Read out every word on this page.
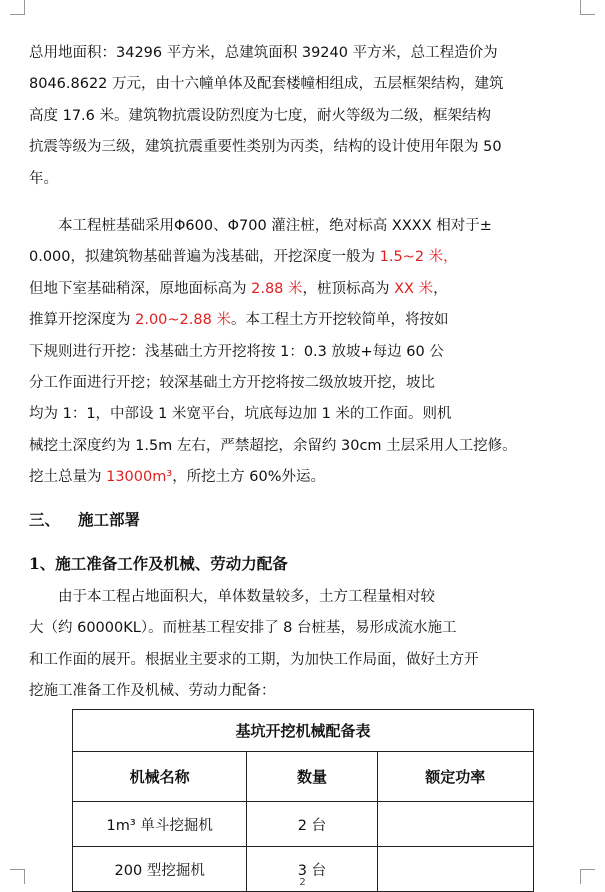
总用地面积：34296 平方米，总建筑面积 39240 平方米，总工程造价为
8046.8622 万元，由十六幢单体及配套楼幢相组成，五层框架结构，建筑
高度 17.6 米。建筑物抗震设防烈度为七度，耐火等级为二级，框架结构
抗震等级为三级，建筑抗震重要性类别为丙类，结构的设计使用年限为 50
年。
本工程桩基础采用Φ600、Φ700 灌注桩，绝对标高 XXXX 相对于±
0.000，拟建筑物基础普遍为浅基础，开挖深度一般为 1.5~2 米，
但地下室基础稍深，原地面标高为 2.88 米，桩顶标高为 XX 米，
推算开挖深度为 2.00~2.88 米。本工程土方开挖较简单，将按如
下规则进行开挖：浅基础土方开挖将按 1：0.3 放坡+每边 60 公
分工作面进行开挖；较深基础土方开挖将按二级放坡开挖，坡比
均为 1：1，中部设 1 米宽平台，坑底每边加 1 米的工作面。则机
械挖土深度约为 1.5m 左右，严禁超挖，余留约 30cm 土层采用人工挖修。
挖土总量为 13000m³，所挖土方 60%外运。
三、 施工部署
1、施工准备工作及机械、劳动力配备
由于本工程占地面积大，单体数量较多，土方工程量相对较
大（约 60000KL）。而桩基工程安排了 8 台桩基，易形成流水施工
和工作面的展开。根据业主要求的工期，为加快工作局面，做好土方开
挖施工准备工作及机械、劳动力配备：
基坑开挖机械配备表		
机械名称	数量	额定功率
1m³ 单斗挖掘机	2 台	
200 型挖掘机	3 台	
2
